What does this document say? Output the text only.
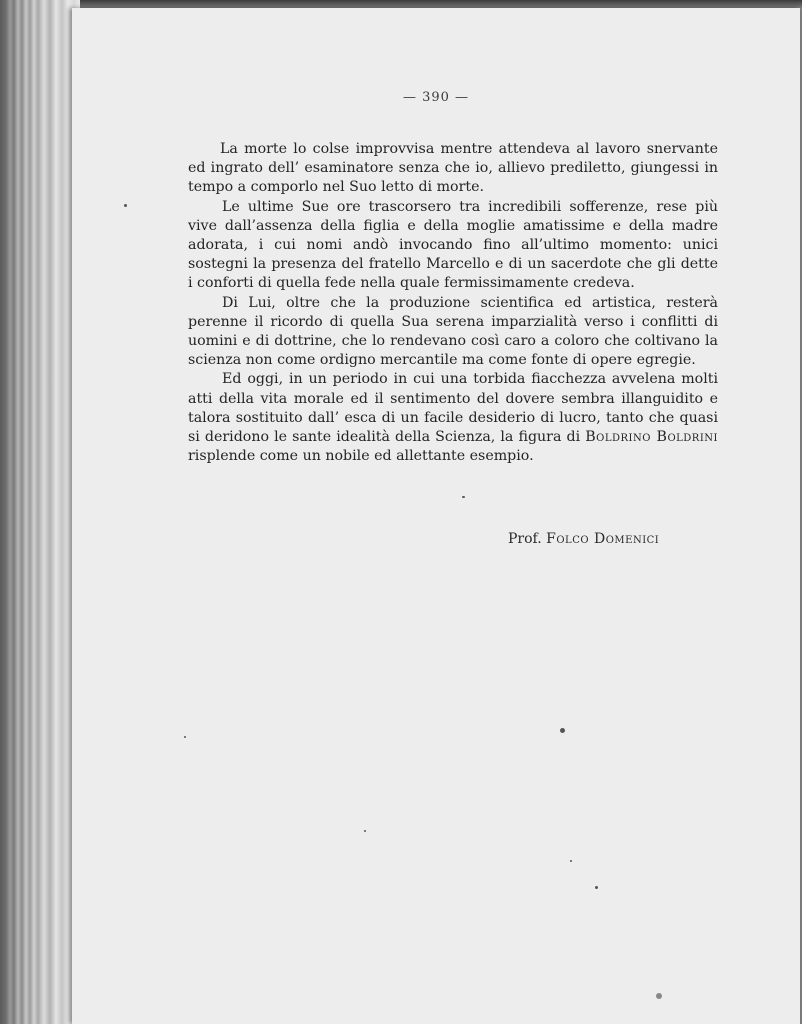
— 390 —

La morte lo colse improvvisa mentre attendeva al lavoro snervante ed ingrato dell’ esaminatore senza che io, allievo prediletto, giungessi in tempo a comporlo nel Suo letto di morte.

Le ultime Sue ore trascorsero tra incredibili sofferenze, rese più vive dall’assenza della figlia e della moglie amatissime e della madre adorata, i cui nomi andò invocando fino all’ultimo momento: unici sostegni la presenza del fratello Marcello e di un sacerdote che gli dette i conforti di quella fede nella quale fermissimamente credeva.

Di Lui, oltre che la produzione scientifica ed artistica, resterà perenne il ricordo di quella Sua serena imparzialità verso i conflitti di uomini e di dottrine, che lo rendevano così caro a coloro che coltivano la scienza non come ordigno mercantile ma come fonte di opere egregie.

Ed oggi, in un periodo in cui una torbida fiacchezza avvelena molti atti della vita morale ed il sentimento del dovere sembra illanguidito e talora sostituito dall’ esca di un facile desiderio di lucro, tanto che quasi si deridono le sante idealità della Scienza, la figura di Boldrino Boldrini risplende come un nobile ed allettante esempio.

Prof. Folco Domenici
